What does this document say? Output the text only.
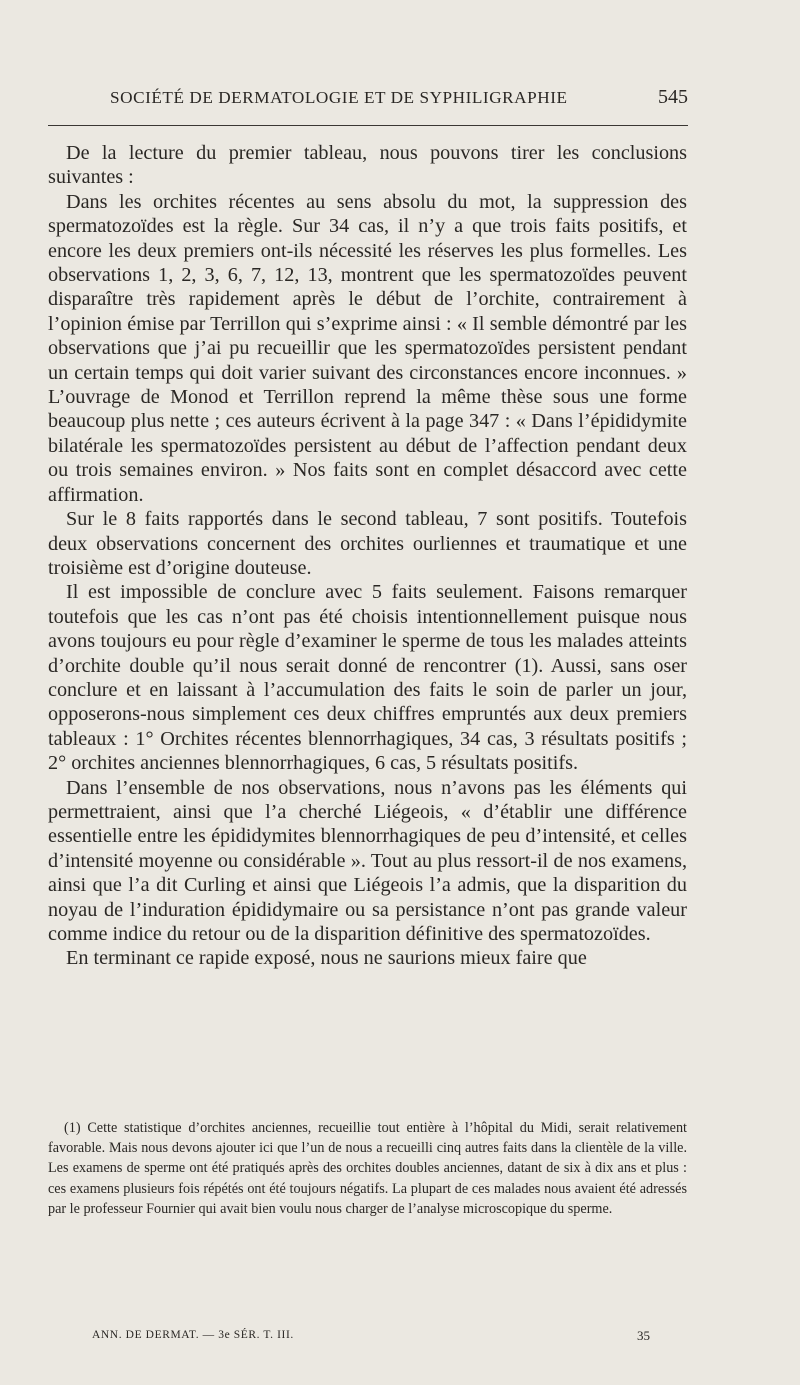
SOCIÉTÉ DE DERMATOLOGIE ET DE SYPHILIGRAPHIE	545

De la lecture du premier tableau, nous pouvons tirer les conclusions suivantes :

Dans les orchites récentes au sens absolu du mot, la suppression des spermatozoïdes est la règle. Sur 34 cas, il n’y a que trois faits positifs, et encore les deux premiers ont-ils nécessité les réserves les plus formelles. Les observations 1, 2, 3, 6, 7, 12, 13, montrent que les spermatozoïdes peuvent disparaître très rapidement après le début de l’orchite, contrairement à l’opinion émise par Terrillon qui s’exprime ainsi : « Il semble démontré par les observations que j’ai pu recueillir que les spermatozoïdes persistent pendant un certain temps qui doit varier suivant des circonstances encore inconnues. » L’ouvrage de Monod et Terrillon reprend la même thèse sous une forme beaucoup plus nette ; ces auteurs écrivent à la page 347 : « Dans l’épididymite bilatérale les spermatozoïdes persistent au début de l’affection pendant deux ou trois semaines environ. » Nos faits sont en complet désaccord avec cette affirmation.

Sur le 8 faits rapportés dans le second tableau, 7 sont positifs. Toutefois deux observations concernent des orchites ourliennes et traumatique et une troisième est d’origine douteuse.

Il est impossible de conclure avec 5 faits seulement. Faisons remarquer toutefois que les cas n’ont pas été choisis intentionnellement puisque nous avons toujours eu pour règle d’examiner le sperme de tous les malades atteints d’orchite double qu’il nous serait donné de rencontrer (1). Aussi, sans oser conclure et en laissant à l’accumulation des faits le soin de parler un jour, opposerons-nous simplement ces deux chiffres empruntés aux deux premiers tableaux : 1° Orchites récentes blennorrhagiques, 34 cas, 3 résultats positifs ; 2° orchites anciennes blennorrhagiques, 6 cas, 5 résultats positifs.

Dans l’ensemble de nos observations, nous n’avons pas les éléments qui permettraient, ainsi que l’a cherché Liégeois, « d’établir une différence essentielle entre les épididymites blennorrhagiques de peu d’intensité, et celles d’intensité moyenne ou considérable ». Tout au plus ressort-il de nos examens, ainsi que l’a dit Curling et ainsi que Liégeois l’a admis, que la disparition du noyau de l’induration épididymaire ou sa persistance n’ont pas grande valeur comme indice du retour ou de la disparition définitive des spermatozoïdes.

En terminant ce rapide exposé, nous ne saurions mieux faire que

(1) Cette statistique d’orchites anciennes, recueillie tout entière à l’hôpital du Midi, serait relativement favorable. Mais nous devons ajouter ici que l’un de nous a recueilli cinq autres faits dans la clientèle de la ville. Les examens de sperme ont été pratiqués après des orchites doubles anciennes, datant de six à dix ans et plus : ces examens plusieurs fois répétés ont été toujours négatifs. La plupart de ces malades nous avaient été adressés par le professeur Fournier qui avait bien voulu nous charger de l’analyse microscopique du sperme.

ANN. DE DERMAT. — 3e SÉR. T. III.	35
